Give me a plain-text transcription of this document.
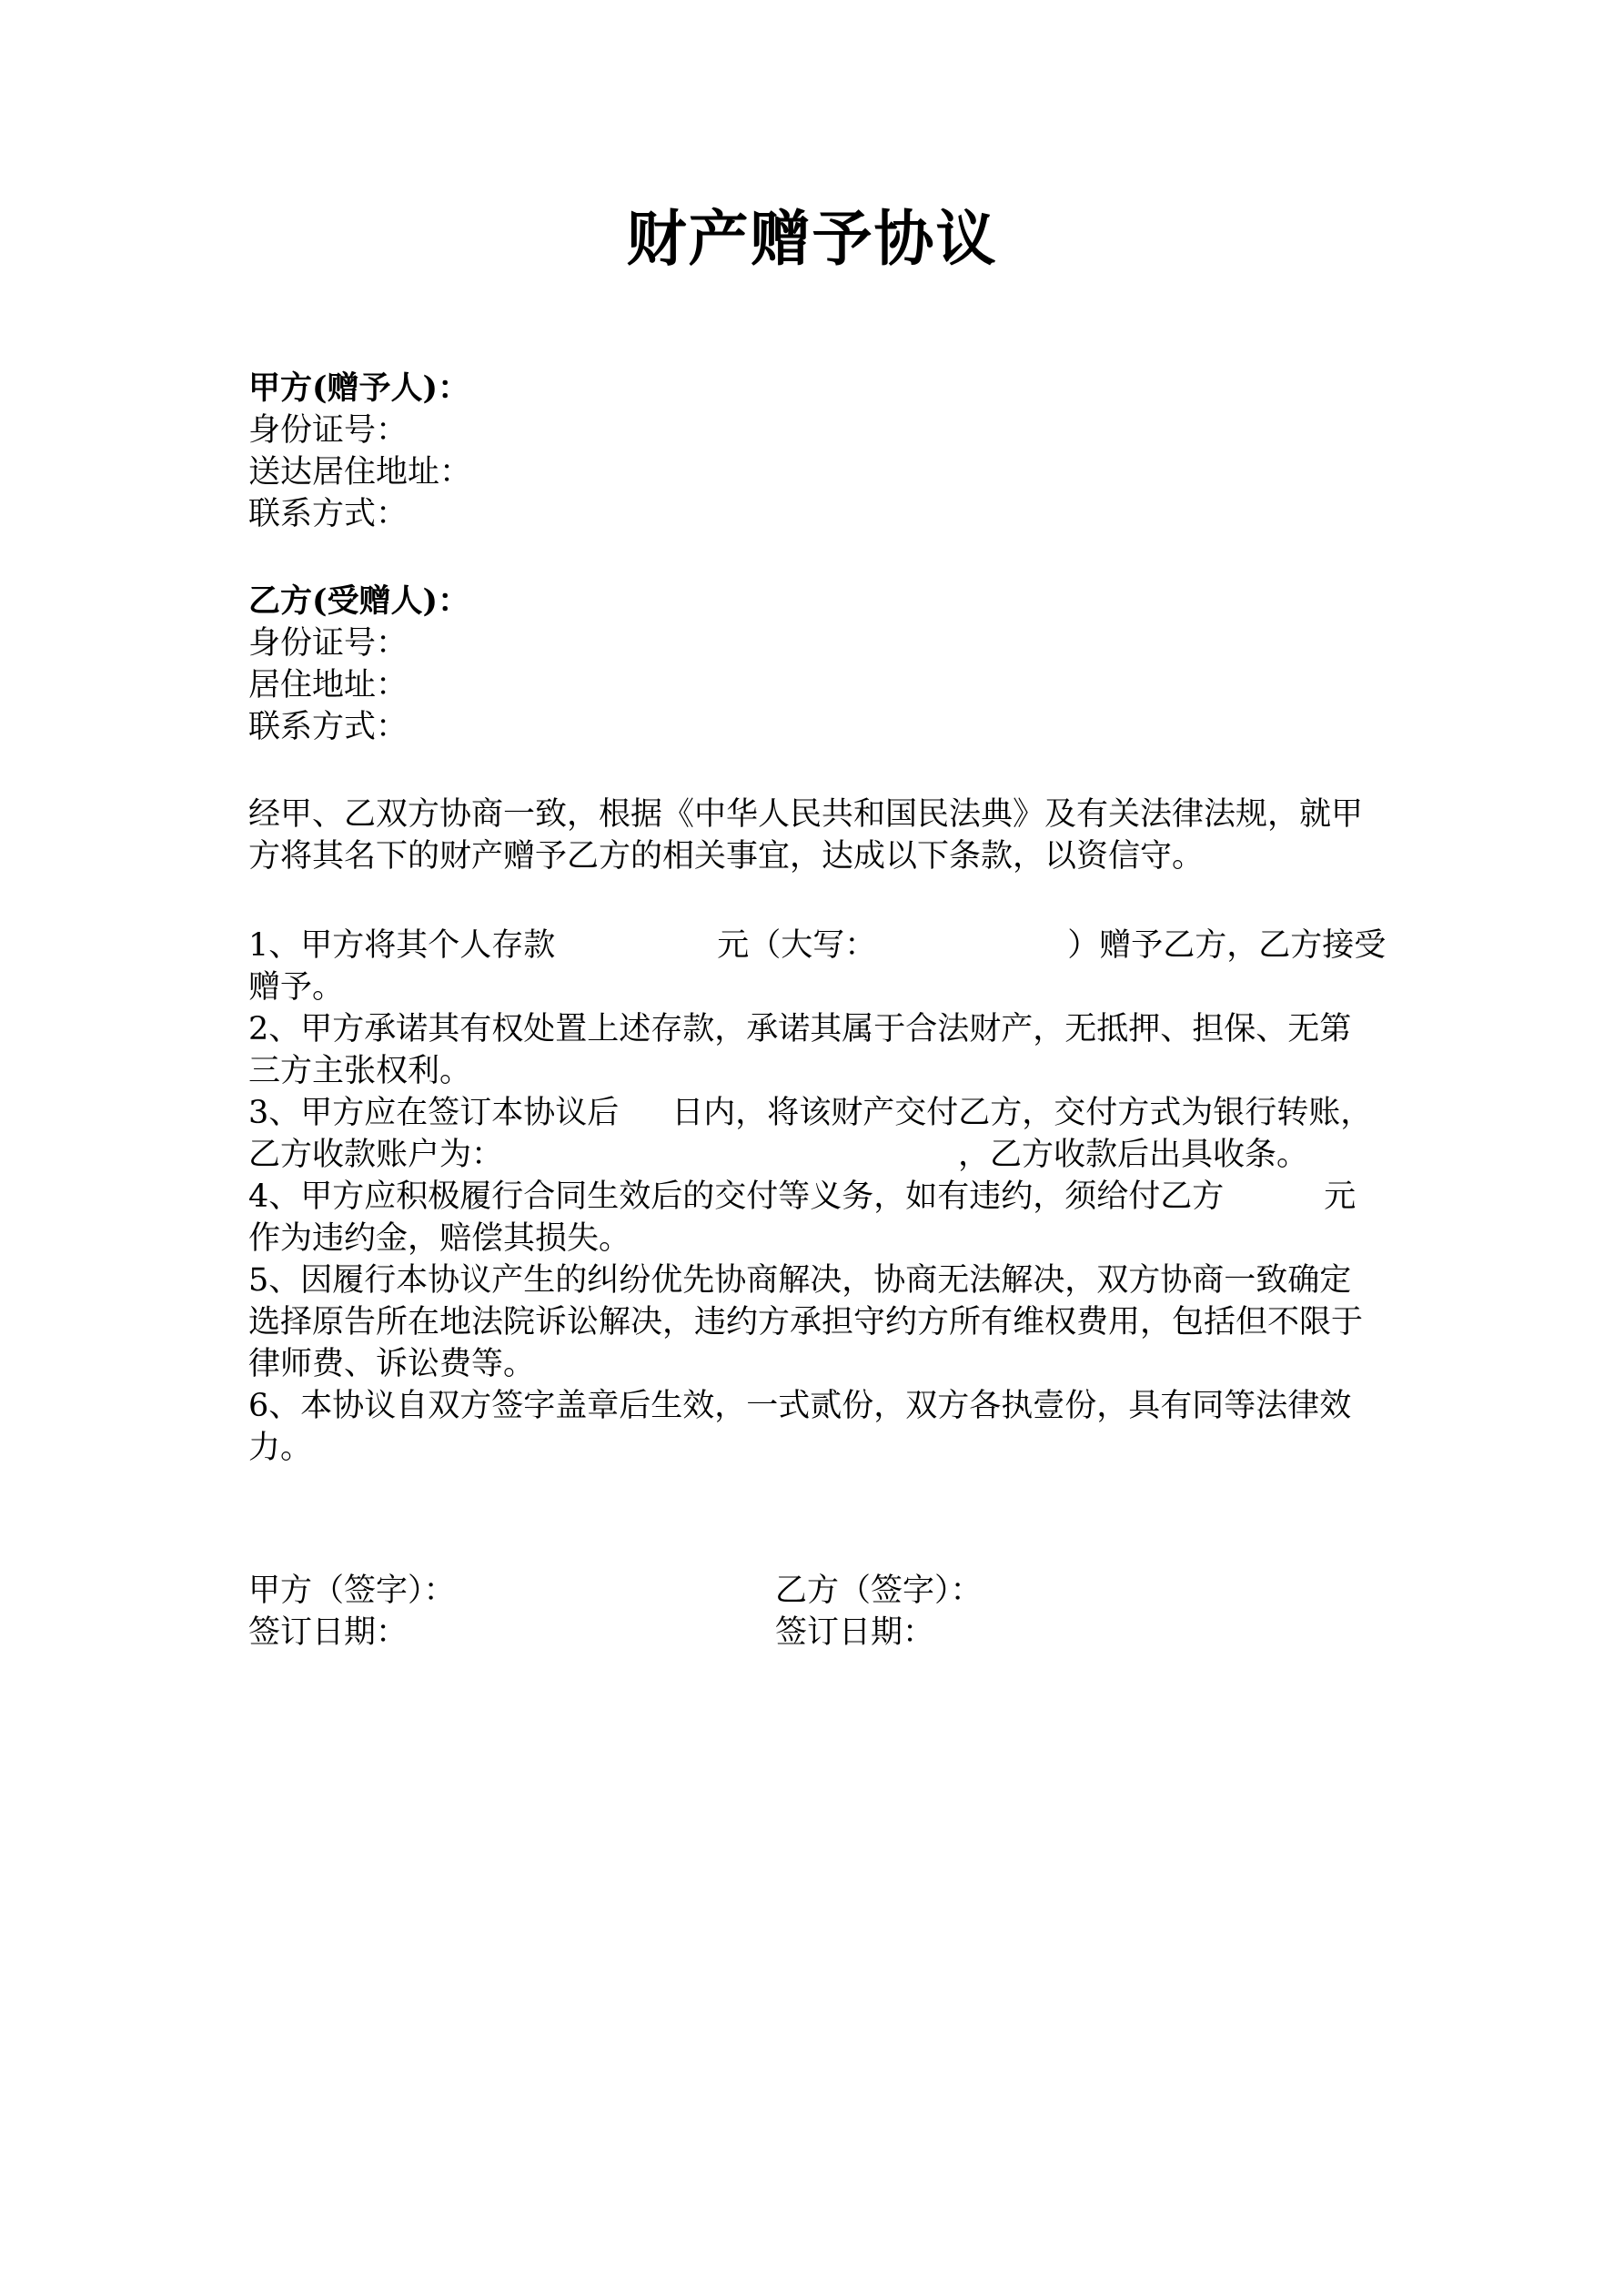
财产赠予协议
甲方(赠予人)：
身份证号：
送达居住地址：
联系方式：
乙方(受赠人)：
身份证号：
居住地址：
联系方式：
经甲、乙双方协商一致，根据《中华人民共和国民法典》及有关法律法规，就甲
方将其名下的财产赠予乙方的相关事宜，达成以下条款，以资信守。
1、甲方将其个人存款	元（大写：	）赠予乙方，乙方接受
赠予。
2、甲方承诺其有权处置上述存款，承诺其属于合法财产，无抵押、担保、无第
三方主张权利。
3、甲方应在签订本协议后 日内，将该财产交付乙方，交付方式为银行转账，
乙方收款账户为：	，乙方收款后出具收条。
4、甲方应积极履行合同生效后的交付等义务，如有违约，须给付乙方	元
作为违约金，赔偿其损失。
5、因履行本协议产生的纠纷优先协商解决，协商无法解决，双方协商一致确定
选择原告所在地法院诉讼解决，违约方承担守约方所有维权费用，包括但不限于
律师费、诉讼费等。
6、本协议自双方签字盖章后生效，一式贰份，双方各执壹份，具有同等法律效
力。
甲方（签字）：
签订日期：
乙方（签字）：
签订日期：
